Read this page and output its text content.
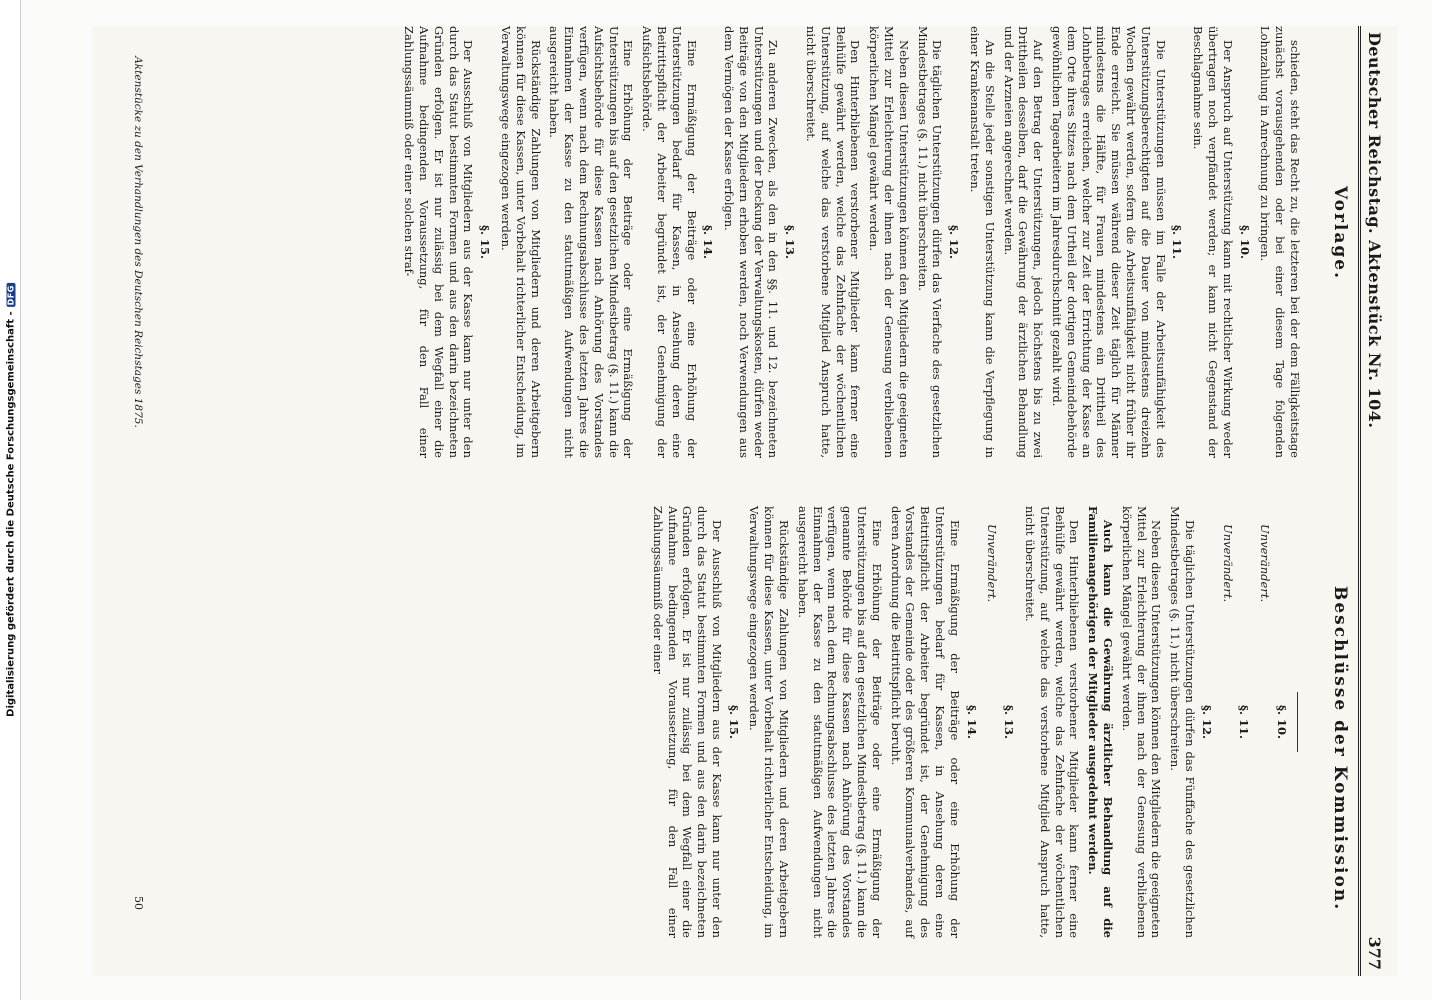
Digitalisierung gefördert durch die Deutsche Forschungsgemeinschaft -
DFG	Deutscher Reichstag. Aktenstück Nr. 104.
377
Vorlage.
Beschlüsse der Kommission.

schieden, steht das Recht zu, die letzteren bei der dem Fälligkeitstage zunächst vorausgehenden oder bei einer diesem Tage folgenden Lohnzahlung in Anrechnung zu bringen.

§. 10.

Der Anspruch auf Unterstützung kann mit rechtlicher Wirkung weder übertragen noch verpfändet werden; er kann nicht Gegenstand der Beschlagnahme sein.

§. 11.

Die Unterstützungen müssen im Falle der Arbeitsunfähigkeit des Unterstützungsberechtigten auf die Dauer von mindestens dreizehn Wochen gewährt werden, sofern die Arbeitsunfähigkeit nicht früher ihr Ende erreicht. Sie müssen während dieser Zeit täglich für Männer mindestens die Hälfte, für Frauen mindestens ein Drittheil des Lohnbetrages erreichen, welcher zur Zeit der Errichtung der Kasse an dem Orte ihres Sitzes nach dem Urtheil der dortigen Gemeindebehörde gewöhnlichen Tagearbeitern im Jahresdurchschnitt gezahlt wird.

Auf den Betrag der Unterstützungen, jedoch höchstens bis zu zwei Drittheilen desselben, darf die Gewährung der ärztlichen Behandlung und der Arzneien angerechnet werden.

An die Stelle jeder sonstigen Unterstützung kann die Verpflegung in einer Krankenanstalt treten.

§. 12.

Die täglichen Unterstützungen dürfen das Vierfache des gesetzlichen Mindestbetrages (§. 11.) nicht überschreiten.

Neben diesen Unterstützungen können den Mitgliedern die geeigneten Mittel zur Erleichterung der ihnen nach der Genesung verbliebenen körperlichen Mängel gewährt werden.

Den Hinterbliebenen verstorbener Mitglieder kann ferner eine Beihülfe gewährt werden, welche das Zehnfache der wöchentlichen Unterstützung, auf welche das verstorbene Mitglied Anspruch hatte, nicht überschreitet.

§. 13.

Zu anderen Zwecken, als den in den §§. 11. und 12. bezeichneten Unterstützungen und der Deckung der Verwaltungskosten, dürfen weder Beiträge von den Mitgliedern erhoben werden, noch Verwendungen aus dem Vermögen der Kasse erfolgen.

§. 14.

Eine Ermäßigung der Beiträge oder eine Erhöhung der Unterstützungen bedarf für Kassen, in Ansehung deren eine Beitrittspflicht der Arbeiter begründet ist, der Genehmigung der Aufsichtsbehörde.

Eine Erhöhung der Beiträge oder eine Ermäßigung der Unterstützungen bis auf den gesetzlichen Mindestbetrag (§. 11.) kann die Aufsichtsbehörde für diese Kassen nach Anhörung des Vorstandes verfügen, wenn nach dem Rechnungsabschlusse des letzten Jahres die Einnahmen der Kasse zu den statutmäßigen Aufwendungen nicht ausgereicht haben.

Rückständige Zahlungen von Mitgliedern und deren Arbeitgebern können für diese Kassen, unter Vorbehalt richterlicher Entscheidung, im Verwaltungswege eingezogen werden.

§. 15.

Der Ausschluß von Mitgliedern aus der Kasse kann nur unter den durch das Statut bestimmten Formen und aus den darin bezeichneten Gründen erfolgen. Er ist nur zulässig bei dem Wegfall einer die Aufnahme bedingenden Voraussetzung, für den Fall einer Zahlungssäumniß oder einer solchen straf-

Aktenstücke zu den Verhandlungen des Deutschen Reichstages 1875.
§. 10.

Unverändert.

§. 11.

Unverändert.

§. 12.

Die täglichen Unterstützungen dürfen das Fünffache des gesetzlichen Mindestbetrages (§. 11.) nicht überschreiten.

Neben diesen Unterstützungen können den Mitgliedern die geeigneten Mittel zur Erleichterung der ihnen nach der Genesung verbliebenen körperlichen Mängel gewährt werden.

Auch kann die Gewährung ärztlicher Behandlung auf die Familienangehörigen der Mitglieder ausgedehnt werden.

Den Hinterbliebenen verstorbener Mitglieder kann ferner eine Beihülfe gewährt werden, welche das Zehnfache der wöchentlichen Unterstützung, auf welche das verstorbene Mitglied Anspruch hatte, nicht überschreitet.

§. 13.

Unverändert.

§. 14.

Eine Ermäßigung der Beiträge oder eine Erhöhung der Unterstützungen bedarf für Kassen, in Ansehung deren eine Beitrittspflicht der Arbeiter begründet ist, der Genehmigung des Vorstandes der Gemeinde oder des größeren Kommunalverbandes, auf deren Anordnung die Beitrittspflicht beruht.

Eine Erhöhung der Beiträge oder eine Ermäßigung der Unterstützungen bis auf den gesetzlichen Mindestbetrag (§. 11.) kann die genannte Behörde für diese Kassen nach Anhörung des Vorstandes verfügen, wenn nach dem Rechnungsabschlusse des letzten Jahres die Einnahmen der Kasse zu den statutmäßigen Aufwendungen nicht ausgereicht haben.

Rückständige Zahlungen von Mitgliedern und deren Arbeitgebern können für diese Kassen, unter Vorbehalt richterlicher Entscheidung, im Verwaltungswege eingezogen werden.

§. 15.

Der Ausschluß von Mitgliedern aus der Kasse kann nur unter den durch das Statut bestimmten Formen und aus den darin bezeichneten Gründen erfolgen. Er ist nur zulässig bei dem Wegfall einer die Aufnahme bedingenden Voraussetzung, für den Fall einer Zahlungssäumniß oder einer

50
